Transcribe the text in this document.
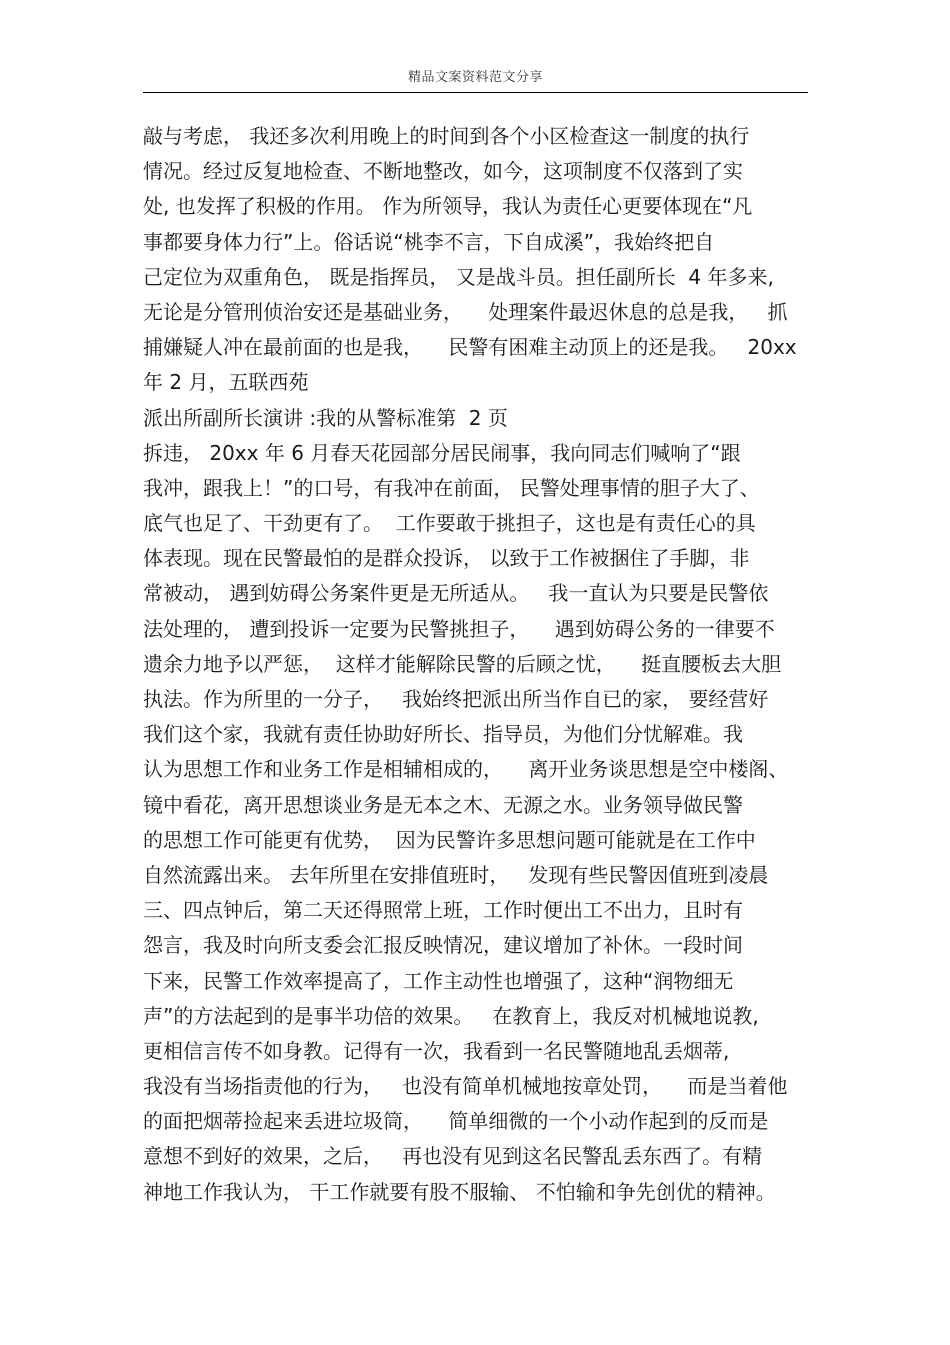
精品文案资料范文分享
敲与考虑， 我还多次利用晚上的时间到各个小区检查这一制度的执行
情况。经过反复地检查、不断地整改，如今，这项制度不仅落到了实
处, 也发挥了积极的作用。 作为所领导，我认为责任心更要体现在“凡
事都要身体力行”上。俗话说“桃李不言，下自成溪”，我始终把自
己定位为双重角色， 既是指挥员， 又是战斗员。担任副所长  4 年多来,
无论是分管刑侦治安还是基础业务，    处理案件最迟休息的总是我，   抓
捕嫌疑人冲在最前面的也是我，    民警有困难主动顶上的还是我。   20xx
年 2 月，五联西苑
派出所副所长演讲 :我的从警标准第  2 页
拆违， 20xx 年 6 月春天花园部分居民闹事，我向同志们喊响了“跟
我冲，跟我上！”的口号，有我冲在前面， 民警处理事情的胆子大了、
底气也足了、干劲更有了。  工作要敢于挑担子，这也是有责任心的具
体表现。现在民警最怕的是群众投诉， 以致于工作被捆住了手脚，非
常被动， 遇到妨碍公务案件更是无所适从。   我一直认为只要是民警依
法处理的， 遭到投诉一定要为民警挑担子，    遇到妨碍公务的一律要不
遗余力地予以严惩，  这样才能解除民警的后顾之忧，    挺直腰板去大胆
执法。作为所里的一分子，   我始终把派出所当作自已的家， 要经营好
我们这个家，我就有责任协助好所长、指导员，为他们分忧解难。我
认为思想工作和业务工作是相辅相成的，    离开业务谈思想是空中楼阁、
镜中看花，离开思想谈业务是无本之木、无源之水。业务领导做民警
的思想工作可能更有优势，  因为民警许多思想问题可能就是在工作中
自然流露出来。 去年所里在安排值班时，   发现有些民警因值班到凌晨
三、四点钟后，第二天还得照常上班，工作时便出工不出力，且时有
怨言，我及时向所支委会汇报反映情况，建议增加了补休。一段时间
下来，民警工作效率提高了，工作主动性也增强了，这种“润物细无
声”的方法起到的是事半功倍的效果。   在教育上，我反对机械地说教,
更相信言传不如身教。记得有一次，我看到一名民警随地乱丢烟蒂,
我没有当场指责他的行为，   也没有简单机械地按章处罚，    而是当着他
的面把烟蒂捡起来丢进垃圾筒，    简单细微的一个小动作起到的反而是
意想不到好的效果，之后，   再也没有见到这名民警乱丢东西了。有精
神地工作我认为， 干工作就要有股不服输、 不怕输和争先创优的精神。
